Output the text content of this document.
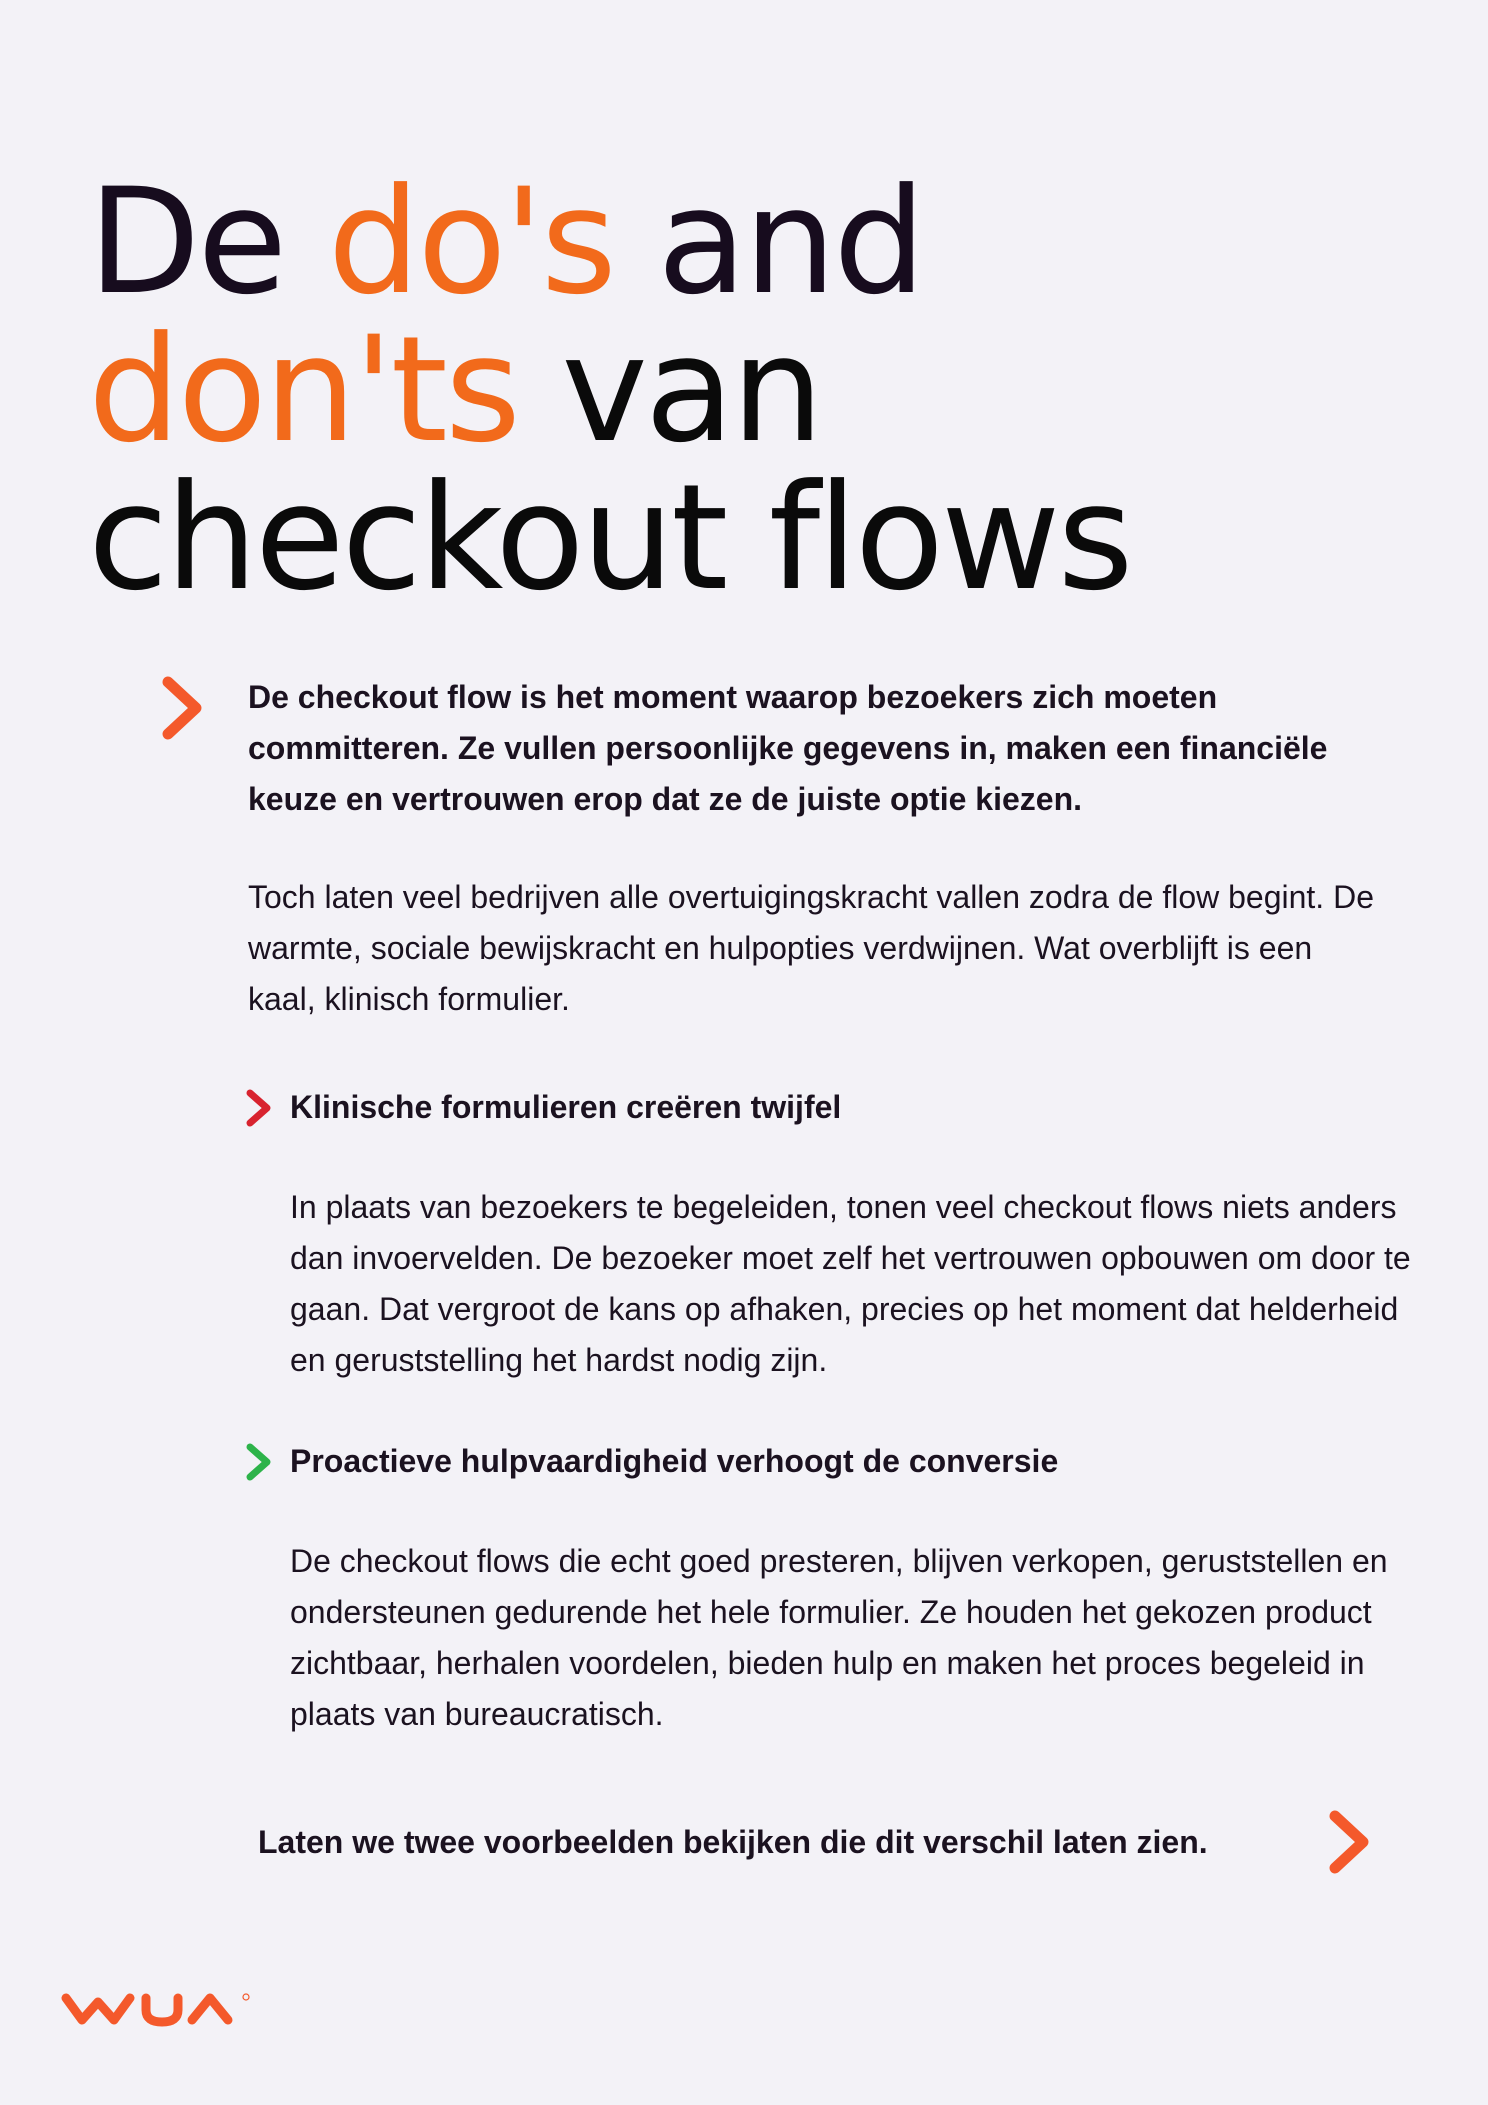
De do's and
don'ts van
checkout flows

De checkout flow is het moment waarop bezoekers zich moeten committeren. Ze vullen persoonlijke gegevens in, maken een financiële keuze en vertrouwen erop dat ze de juiste optie kiezen.

Toch laten veel bedrijven alle overtuigingskracht vallen zodra de flow begint. De warmte, sociale bewijskracht en hulpopties verdwijnen. Wat overblijft is een kaal, klinisch formulier.

Klinische formulieren creëren twijfel

In plaats van bezoekers te begeleiden, tonen veel checkout flows niets anders dan invoervelden. De bezoeker moet zelf het vertrouwen opbouwen om door te gaan. Dat vergroot de kans op afhaken, precies op het moment dat helderheid en geruststelling het hardst nodig zijn.

Proactieve hulpvaardigheid verhoogt de conversie

De checkout flows die echt goed presteren, blijven verkopen, geruststellen en ondersteunen gedurende het hele formulier. Ze houden het gekozen product zichtbaar, herhalen voordelen, bieden hulp en maken het proces begeleid in plaats van bureaucratisch.

Laten we twee voorbeelden bekijken die dit verschil laten zien.
